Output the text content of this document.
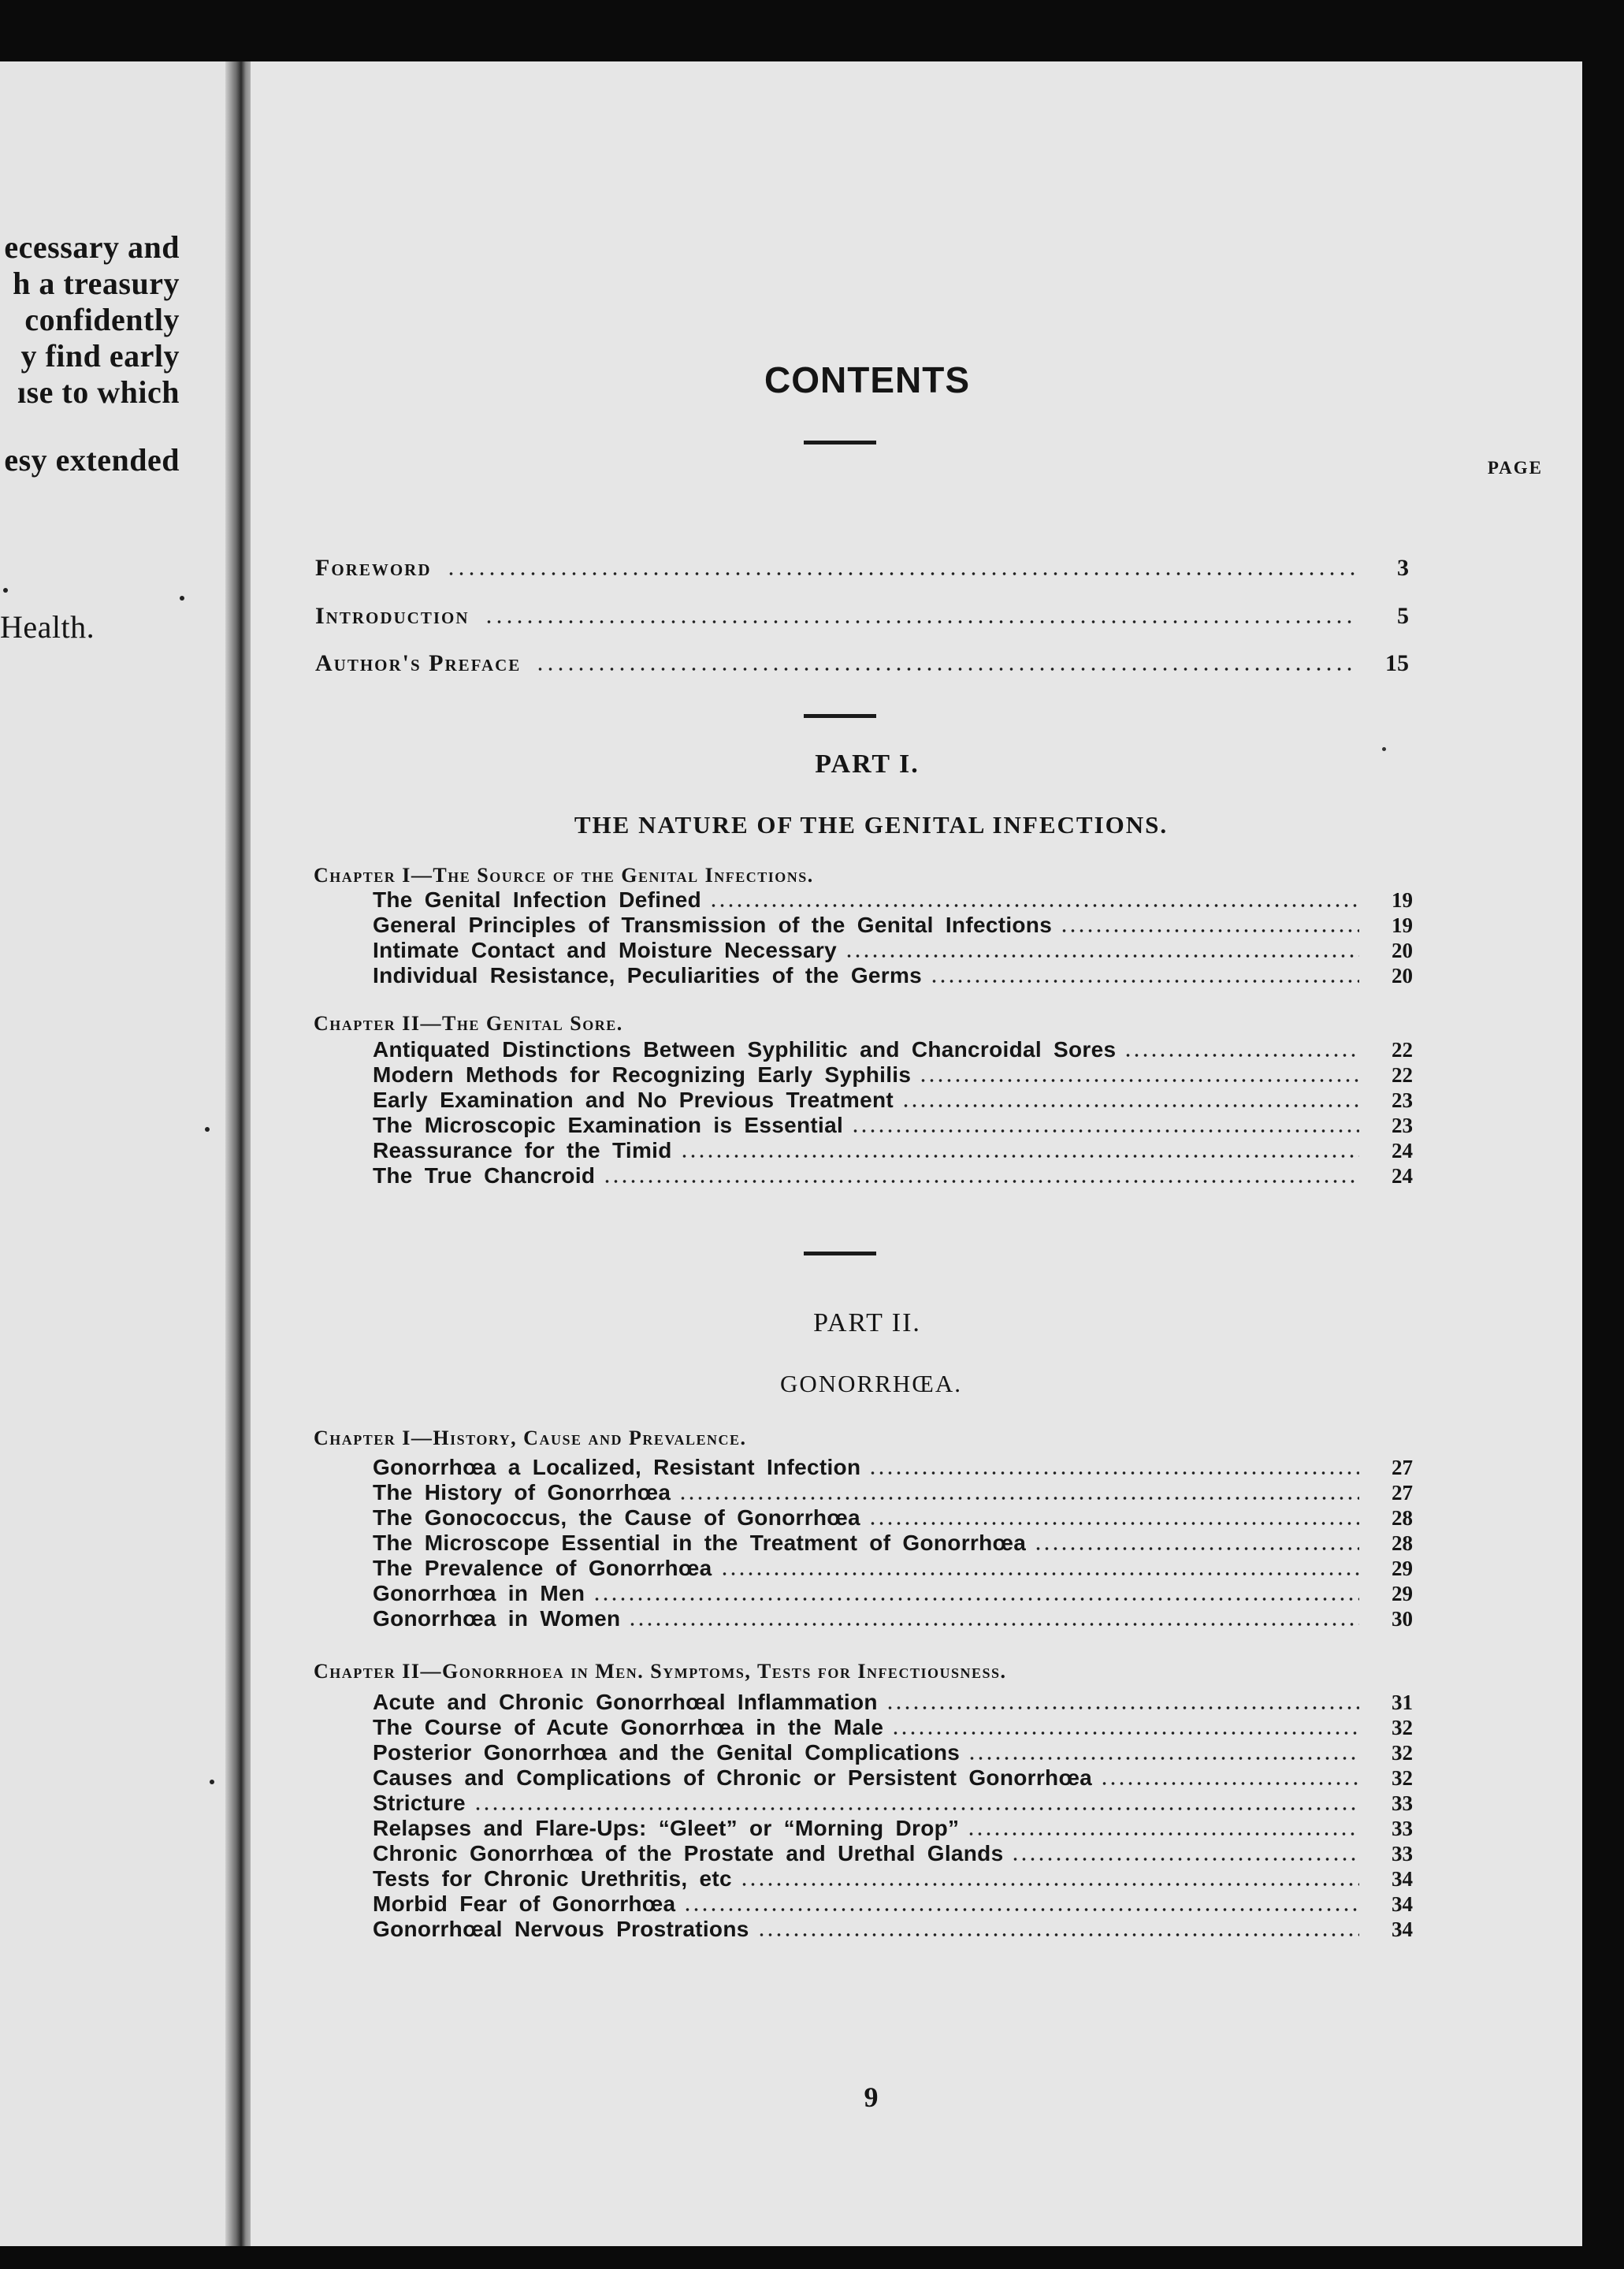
ecessary and
h a treasury
confidently
y find early
ıse to which
esy extended
Health.
CONTENTS
PAGE
Foreword	3
Introduction	5
Author's Preface	15
PART I.
THE NATURE OF THE GENITAL INFECTIONS.
Chapter I—The Source of the Genital Infections.
The Genital Infection Defined	19
General Principles of Transmission of the Genital Infections	19
Intimate Contact and Moisture Necessary	20
Individual Resistance, Peculiarities of the Germs	20
Chapter II—The Genital Sore.
Antiquated Distinctions Between Syphilitic and Chancroidal Sores	22
Modern Methods for Recognizing Early Syphilis	22
Early Examination and No Previous Treatment	23
The Microscopic Examination is Essential	23
Reassurance for the Timid	24
The True Chancroid	24
PART II.
GONORRHŒA.
Chapter I—History, Cause and Prevalence.
Gonorrhœa a Localized, Resistant Infection	27
The History of Gonorrhœa	27
The Gonococcus, the Cause of Gonorrhœa	28
The Microscope Essential in the Treatment of Gonorrhœa	28
The Prevalence of Gonorrhœa	29
Gonorrhœa in Men	29
Gonorrhœa in Women	30
Chapter II—Gonorrhoea in Men. Symptoms, Tests for Infectiousness.
Acute and Chronic Gonorrhœal Inflammation	31
The Course of Acute Gonorrhœa in the Male	32
Posterior Gonorrhœa and the Genital Complications	32
Causes and Complications of Chronic or Persistent Gonorrhœa	32
Stricture	33
Relapses and Flare-Ups: “Gleet” or “Morning Drop”	33
Chronic Gonorrhœa of the Prostate and Urethal Glands	33
Tests for Chronic Urethritis, etc	34
Morbid Fear of Gonorrhœa	34
Gonorrhœal Nervous Prostrations	34
9
